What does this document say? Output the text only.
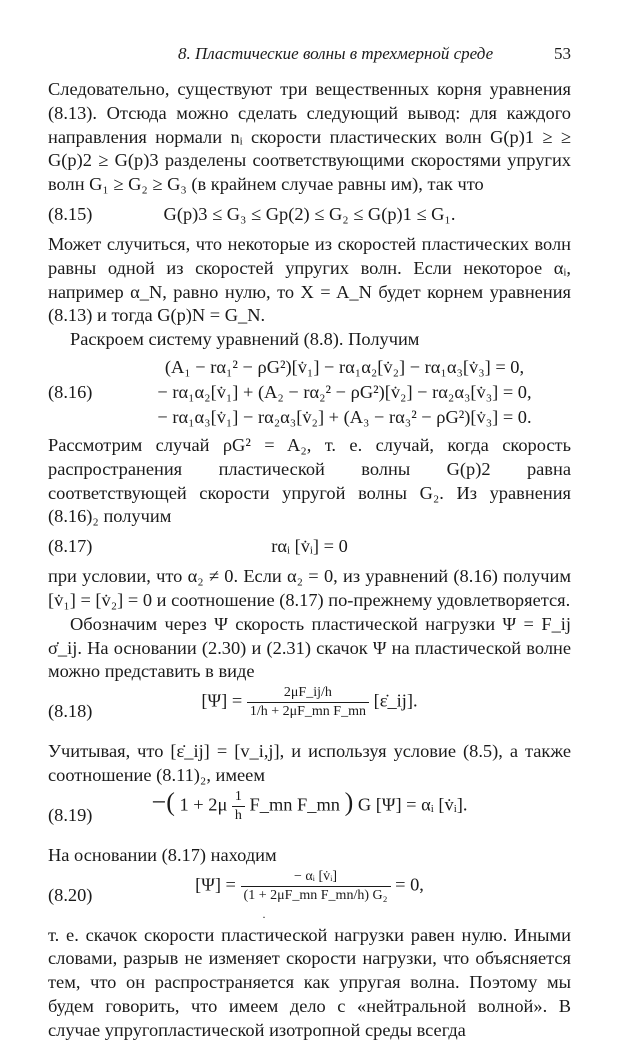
8. Пластические волны в трехмерной среде	53

Следовательно, существуют три вещественных корня уравнения (8.13). Отсюда можно сделать следующий вывод: для каждого направления нормали nᵢ скорости пластических волн G(p)1 ≥ ≥ G(p)2 ≥ G(p)3 разделены соответствующими скоростями упругих волн G₁ ≥ G₂ ≥ G₃ (в крайнем случае равны им), так что

(8.15)	G(p)3 ≤ G₃ ≤ Gp(2) ≤ G₂ ≤ G(p)1 ≤ G₁.

Может случиться, что некоторые из скоростей пластических волн равны одной из скоростей упругих волн. Если некоторое αᵢ, например α_N, равно нулю, то X = A_N будет корнем уравнения (8.13) и тогда G(p)N = G_N.

Раскроем систему уравнений (8.8). Получим

(8.16)
(A₁ − rα₁² − ρG²)[v̇₁] − rα₁α₂[v̇₂] − rα₁α₃[v̇₃] = 0,
− rα₁α₂[v̇₁] + (A₂ − rα₂² − ρG²)[v̇₂] − rα₂α₃[v̇₃] = 0,
− rα₁α₃[v̇₁] − rα₂α₃[v̇₂] + (A₃ − rα₃² − ρG²)[v̇₃] = 0.

Рассмотрим случай ρG² = A₂, т. е. случай, когда скорость распространения пластической волны G(p)2 равна соответствующей скорости упругой волны G₂. Из уравнения (8.16)₂ получим

(8.17)	rαᵢ [v̇ᵢ] = 0

при условии, что α₂ ≠ 0. Если α₂ = 0, из уравнений (8.16) получим [v̇₁] = [v̇₂] = 0 и соотношение (8.17) по-прежнему удовлетворяется.

Обозначим через Ψ скорость пластической нагрузки Ψ = F_ij σ̇_ij. На основании (2.30) и (2.31) скачок Ψ на пластической волне можно представить в виде

(8.18)
$[\Psi] = \frac{2\mu F\_ij/h}{\text{1/h + 2μF\_mn F\_mn}}$ [ε̇_ij].

Учитывая, что [ε̇_ij] = [v_i,j], и используя условие (8.5), а также соотношение (8.11)₂, имеем

(8.19)	−( $1 + 2\mu \frac{1}{h}$ F_mn F_mn ) G [Ψ] = αᵢ [v̇ᵢ].

На основании (8.17) находим

(8.20)
$[\Psi] = \frac{\text{− αᵢ [v̇ᵢ]}}{\text{(1 + 2μF\_mn F\_mn/h) G₂}} = 0$,

т. е. скачок скорости пластической нагрузки равен нулю. Иными словами, разрыв не изменяет скорости нагрузки, что объясняется тем, что он распространяется как упругая волна. Поэтому мы будем говорить, что имеем дело с «нейтральной волной». В случае упругопластической изотропной среды всегда

·
